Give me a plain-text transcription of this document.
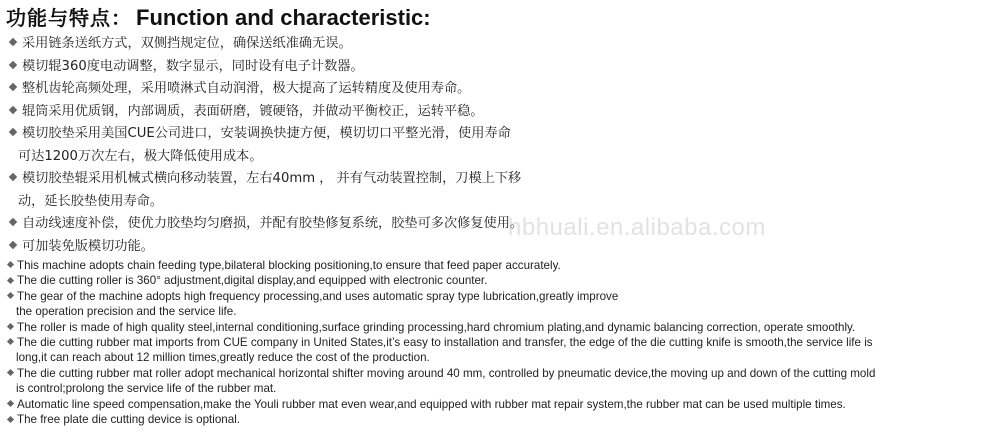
功能与特点： Function and characteristic:
采用链条送纸方式，双侧挡规定位，确保送纸准确无误。
模切辊360度电动调整，数字显示，同时设有电子计数器。
整机齿轮高频处理，采用喷淋式自动润滑，极大提高了运转精度及使用寿命。
辊筒采用优质钢，内部调质，表面研磨，镀硬铬，并做动平衡校正，运转平稳。
模切胶垫采用美国CUE公司进口，安装调换快捷方便，模切切口平整光滑，使用寿命
可达1200万次左右，极大降低使用成本。
模切胶垫辊采用机械式横向移动装置，左右40mm ， 并有气动装置控制，刀模上下移
动，延长胶垫使用寿命。
自动线速度补偿，使优力胶垫均匀磨损，并配有胶垫修复系统，胶垫可多次修复使用。
可加装免版模切功能。
hbhuali.en.alibaba.com
This machine adopts chain feeding type,bilateral blocking positioning,to ensure that feed paper accurately.
The die cutting roller is 360° adjustment,digital display,and equipped with electronic counter.
The gear of the machine adopts high frequency processing,and uses automatic spray type lubrication,greatly improve
the operation precision and the service life.
The roller is made of high quality steel,internal conditioning,surface grinding processing,hard chromium plating,and dynamic balancing correction, operate smoothly.
The die cutting rubber mat imports from CUE company in United States,it’s easy to installation and transfer, the edge of the die cutting knife is smooth,the service life is
long,it can reach about 12 million times,greatly reduce the cost of the production.
The die cutting rubber mat roller adopt mechanical horizontal shifter moving around 40 mm, controlled by pneumatic device,the moving up and down of the cutting mold
is control;prolong the service life of the rubber mat.
Automatic line speed compensation,make the Youli rubber mat even wear,and equipped with rubber mat repair system,the rubber mat can be used multiple times.
The free plate die cutting device is optional.
